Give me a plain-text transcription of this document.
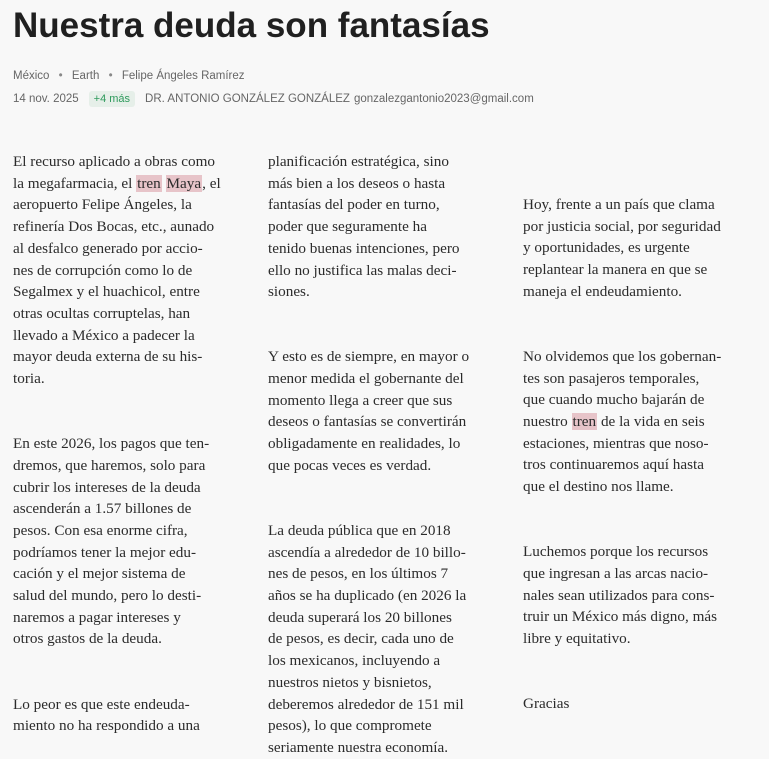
Nuestra deuda son fantasías
México • Earth • Felipe Ángeles Ramírez
14 nov. 2025	+4 más	DR. ANTONIO GONZÁLEZ GONZÁLEZ gonzalezgantonio2023@gmail.com

El recurso aplicado a obras como

la megafarmacia, el tren Maya, el

aeropuerto Felipe Ángeles, la

refinería Dos Bocas, etc., aunado

al desfalco generado por accio-

nes de corrupción como lo de

Segalmex y el huachicol, entre

otras ocultas corruptelas, han

llevado a México a padecer la

mayor deuda externa de su his-

toria.

En este 2026, los pagos que ten-

dremos, que haremos, solo para

cubrir los intereses de la deuda

ascenderán a 1.57 billones de

pesos. Con esa enorme cifra,

podríamos tener la mejor edu-

cación y el mejor sistema de

salud del mundo, pero lo desti-

naremos a pagar intereses y

otros gastos de la deuda.

Lo peor es que este endeuda-

miento no ha respondido a una

planificación estratégica, sino

más bien a los deseos o hasta

fantasías del poder en turno,

poder que seguramente ha

tenido buenas intenciones, pero

ello no justifica las malas deci-

siones.

Y esto es de siempre, en mayor o

menor medida el gobernante del

momento llega a creer que sus

deseos o fantasías se convertirán

obligadamente en realidades, lo

que pocas veces es verdad.

La deuda pública que en 2018

ascendía a alrededor de 10 billo-

nes de pesos, en los últimos 7

años se ha duplicado (en 2026 la

deuda superará los 20 billones

de pesos, es decir, cada uno de

los mexicanos, incluyendo a

nuestros nietos y bisnietos,

deberemos alrededor de 151 mil

pesos), lo que compromete

seriamente nuestra economía.

Hoy, frente a un país que clama

por justicia social, por seguridad

y oportunidades, es urgente

replantear la manera en que se

maneja el endeudamiento.

No olvidemos que los gobernan-

tes son pasajeros temporales,

que cuando mucho bajarán de

nuestro tren de la vida en seis

estaciones, mientras que noso-

tros continuaremos aquí hasta

que el destino nos llame.

Luchemos porque los recursos

que ingresan a las arcas nacio-

nales sean utilizados para cons-

truir un México más digno, más

libre y equitativo.

Gracias
